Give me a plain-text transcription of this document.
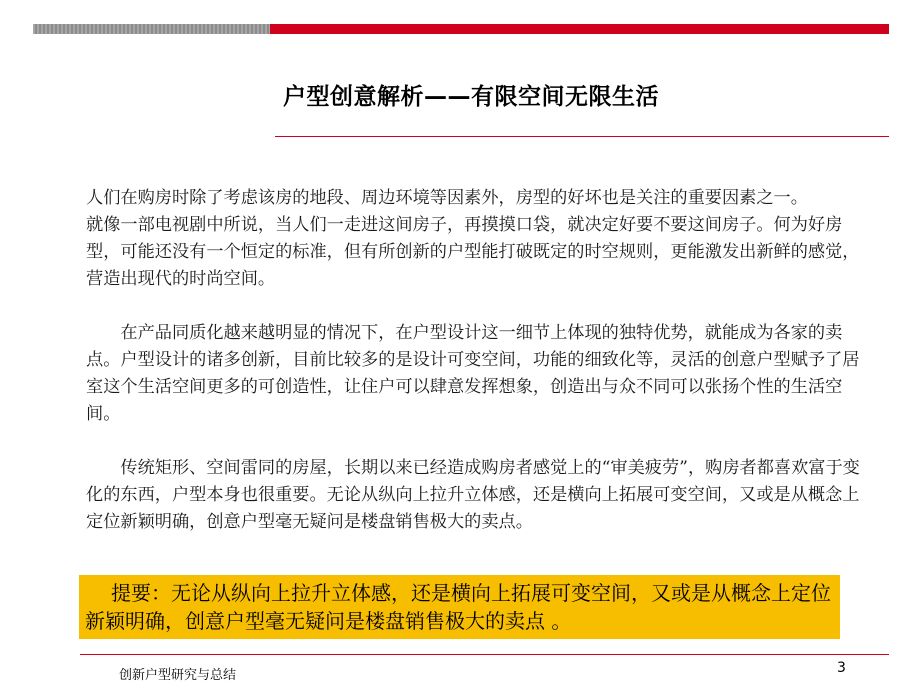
户型创意解析——有限空间无限生活

人们在购房时除了考虑该房的地段、周边环境等因素外，房型的好坏也是关注的重要因素之一。

就像一部电视剧中所说，当人们一走进这间房子，再摸摸口袋，就决定好要不要这间房子。何为好房型，可能还没有一个恒定的标准，但有所创新的户型能打破既定的时空规则，更能激发出新鲜的感觉，营造出现代的时尚空间。

在产品同质化越来越明显的情况下，在户型设计这一细节上体现的独特优势，就能成为各家的卖点。户型设计的诸多创新，目前比较多的是设计可变空间，功能的细致化等，灵活的创意户型赋予了居室这个生活空间更多的可创造性，让住户可以肆意发挥想象，创造出与众不同可以张扬个性的生活空间。

传统矩形、空间雷同的房屋，长期以来已经造成购房者感觉上的“审美疲劳”，购房者都喜欢富于变化的东西，户型本身也很重要。无论从纵向上拉升立体感，还是横向上拓展可变空间，又或是从概念上定位新颖明确，创意户型毫无疑问是楼盘销售极大的卖点。

提要：无论从纵向上拉升立体感，还是横向上拓展可变空间，又或是从概念上定位新颖明确，创意户型毫无疑问是楼盘销售极大的卖点 。

创新户型研究与总结	3
